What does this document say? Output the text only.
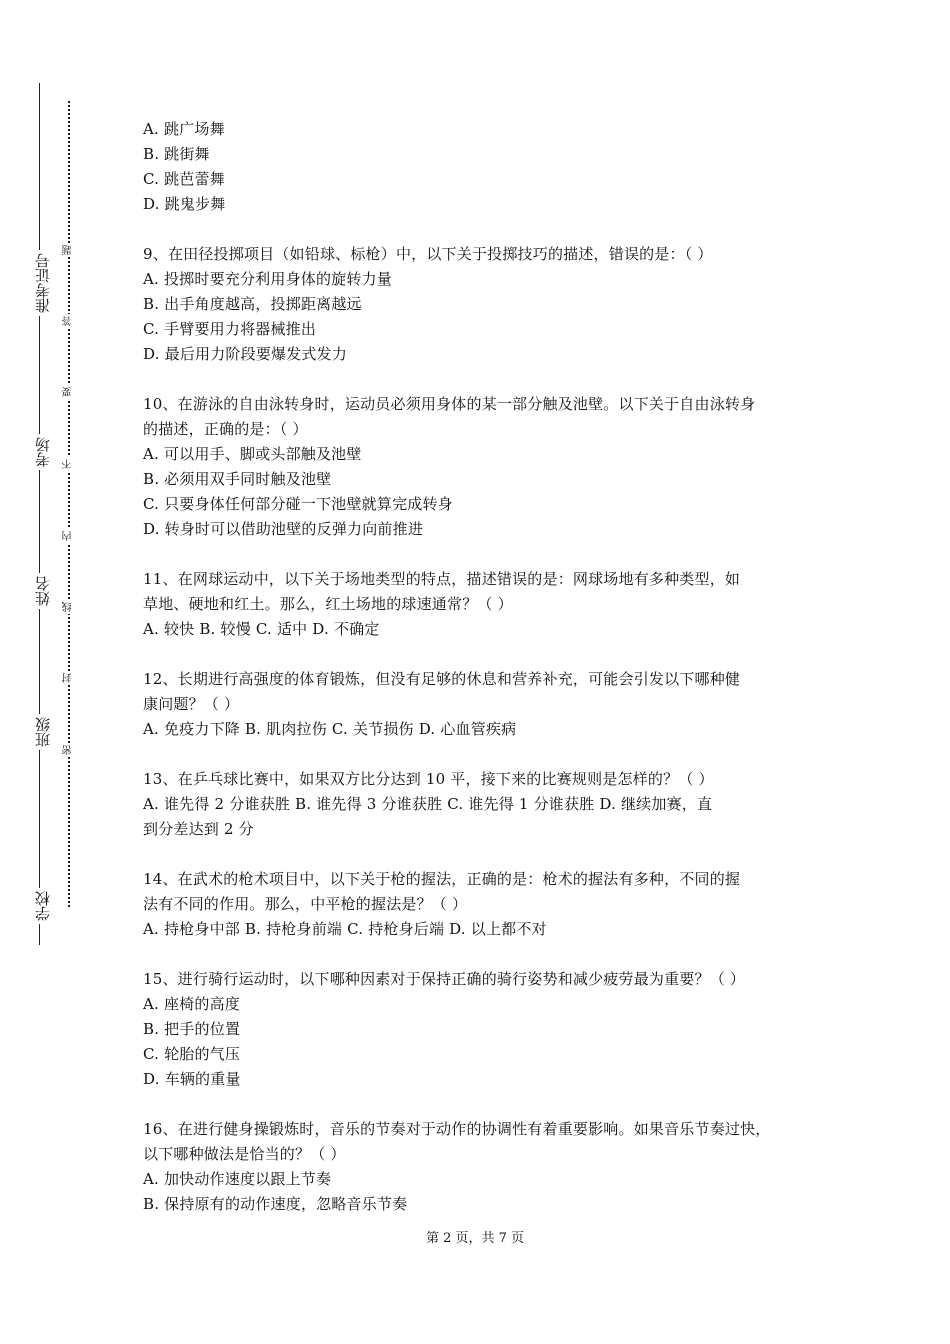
准考证号
考场
姓名
班级
学校
题
答
要
不
内
线
封
密
A. 跳广场舞
B. 跳街舞
C. 跳芭蕾舞
D. 跳鬼步舞
9、在田径投掷项目（如铅球、标枪）中，以下关于投掷技巧的描述，错误的是：（ ）
A. 投掷时要充分利用身体的旋转力量
B. 出手角度越高，投掷距离越远
C. 手臂要用力将器械推出
D. 最后用力阶段要爆发式发力
10、在游泳的自由泳转身时，运动员必须用身体的某一部分触及池壁。以下关于自由泳转身
的描述，正确的是：（ ）
A. 可以用手、脚或头部触及池壁
B. 必须用双手同时触及池壁
C. 只要身体任何部分碰一下池壁就算完成转身
D. 转身时可以借助池壁的反弹力向前推进
11、在网球运动中，以下关于场地类型的特点，描述错误的是：网球场地有多种类型，如
草地、硬地和红土。那么，红土场地的球速通常？（ ）
A. 较快 B. 较慢 C. 适中 D. 不确定
12、长期进行高强度的体育锻炼，但没有足够的休息和营养补充，可能会引发以下哪种健
康问题？（ ）
A. 免疫力下降 B. 肌肉拉伤 C. 关节损伤 D. 心血管疾病
13、在乒乓球比赛中，如果双方比分达到 10 平，接下来的比赛规则是怎样的？（ ）
A. 谁先得 2 分谁获胜 B. 谁先得 3 分谁获胜 C. 谁先得 1 分谁获胜 D. 继续加赛，直
到分差达到 2 分
14、在武术的枪术项目中，以下关于枪的握法，正确的是：枪术的握法有多种，不同的握
法有不同的作用。那么，中平枪的握法是？（ ）
A. 持枪身中部 B. 持枪身前端 C. 持枪身后端 D. 以上都不对
15、进行骑行运动时，以下哪种因素对于保持正确的骑行姿势和减少疲劳最为重要？（ ）
A. 座椅的高度
B. 把手的位置
C. 轮胎的气压
D. 车辆的重量
16、在进行健身操锻炼时，音乐的节奏对于动作的协调性有着重要影响。如果音乐节奏过快，
以下哪种做法是恰当的？（ ）
A. 加快动作速度以跟上节奏
B. 保持原有的动作速度，忽略音乐节奏
第 2 页，共 7 页
